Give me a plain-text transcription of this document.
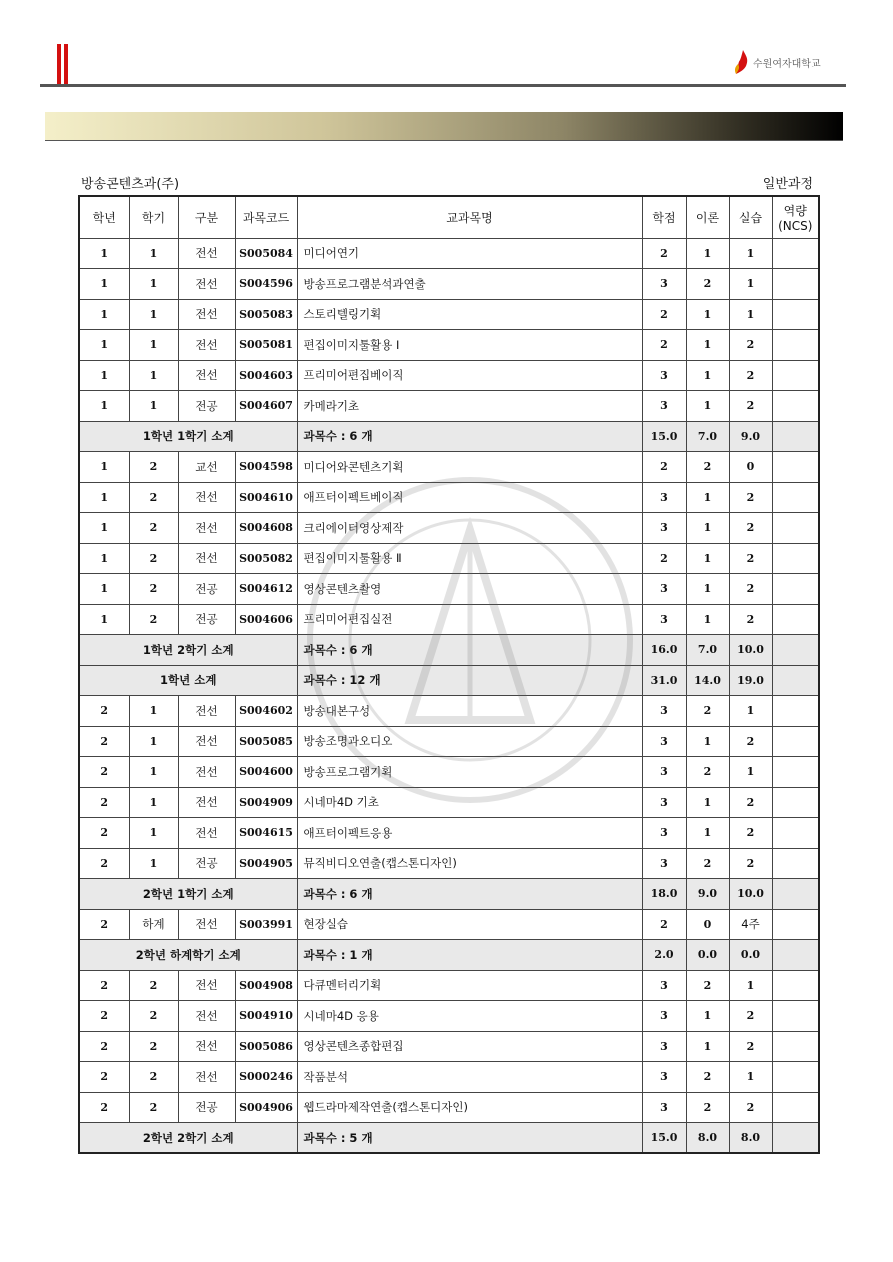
수원여자대학교
방송콘텐츠과(주)	일반과정
학년	학기	구분	과목코드	교과목명	학점	이론	실습	역량
(NCS)
1	1	전선	S005084	미디어연기	2	1	1	
1	1	전선	S004596	방송프로그램분석과연출	3	2	1	
1	1	전선	S005083	스토리텔링기획	2	1	1	
1	1	전선	S005081	편집이미지툴활용 Ⅰ	2	1	2	
1	1	전선	S004603	프리미어편집베이직	3	1	2	
1	1	전공	S004607	카메라기초	3	1	2	
1학년 1학기 소계				과목수 : 6 개	15.0	7.0	9.0	
1	2	교선	S004598	미디어와콘텐츠기획	2	2	0	
1	2	전선	S004610	애프터이펙트베이직	3	1	2	
1	2	전선	S004608	크리에이터영상제작	3	1	2	
1	2	전선	S005082	편집이미지툴활용 Ⅱ	2	1	2	
1	2	전공	S004612	영상콘텐츠촬영	3	1	2	
1	2	전공	S004606	프리미어편집실전	3	1	2	
1학년 2학기 소계				과목수 : 6 개	16.0	7.0	10.0	
1학년 소계				과목수 : 12 개	31.0	14.0	19.0	
2	1	전선	S004602	방송대본구성	3	2	1	
2	1	전선	S005085	방송조명과오디오	3	1	2	
2	1	전선	S004600	방송프로그램기획	3	2	1	
2	1	전선	S004909	시네마4D 기초	3	1	2	
2	1	전선	S004615	애프터이펙트응용	3	1	2	
2	1	전공	S004905	뮤직비디오연출(캡스톤디자인)	3	2	2	
2학년 1학기 소계				과목수 : 6 개	18.0	9.0	10.0	
2	하계	전선	S003991	현장실습	2	0	4주	
2학년 하계학기 소계				과목수 : 1 개	2.0	0.0	0.0	
2	2	전선	S004908	다큐멘터리기획	3	2	1	
2	2	전선	S004910	시네마4D 응용	3	1	2	
2	2	전선	S005086	영상콘텐츠종합편집	3	1	2	
2	2	전선	S000246	작품분석	3	2	1	
2	2	전공	S004906	웹드라마제작연출(캡스톤디자인)	3	2	2	
2학년 2학기 소계				과목수 : 5 개	15.0	8.0	8.0	
